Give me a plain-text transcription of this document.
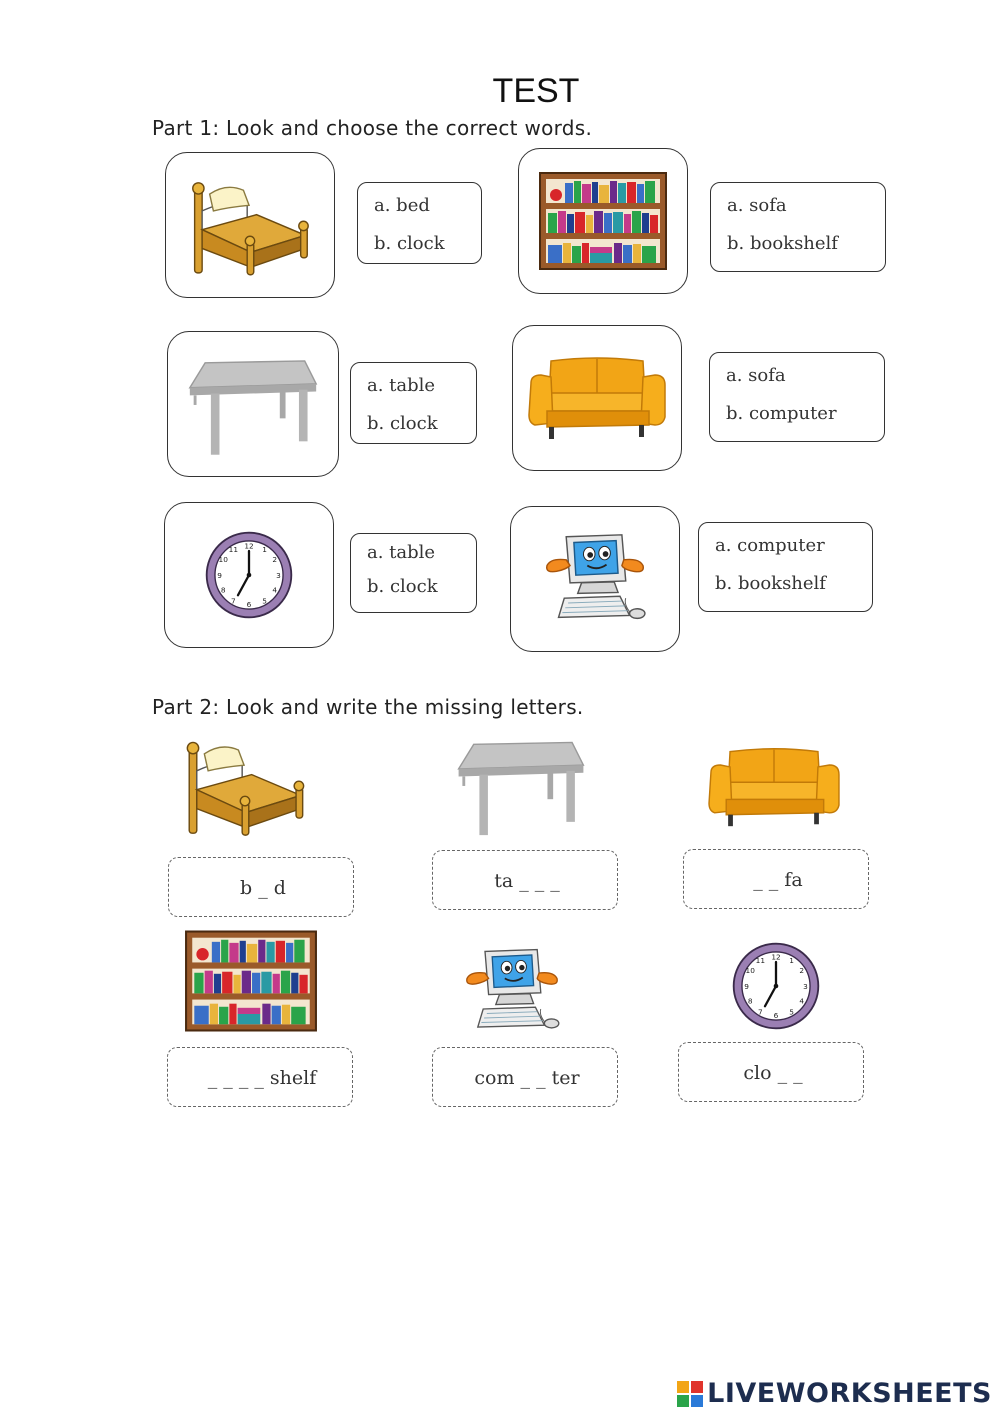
TEST
Part 1: Look and choose the correct words.
a. bed
b. clock
a. sofa
b. bookshelf
a. table
b. clock
a. sofa
b. computer
a. table
b. clock
a. computer
b. bookshelf
Part 2: Look and write the missing letters.
b _ d
ta _ _ _
_ _ fa
_ _ _ _ shelf
com _ _ ter
clo _ _
LIVEWORKSHEETS
